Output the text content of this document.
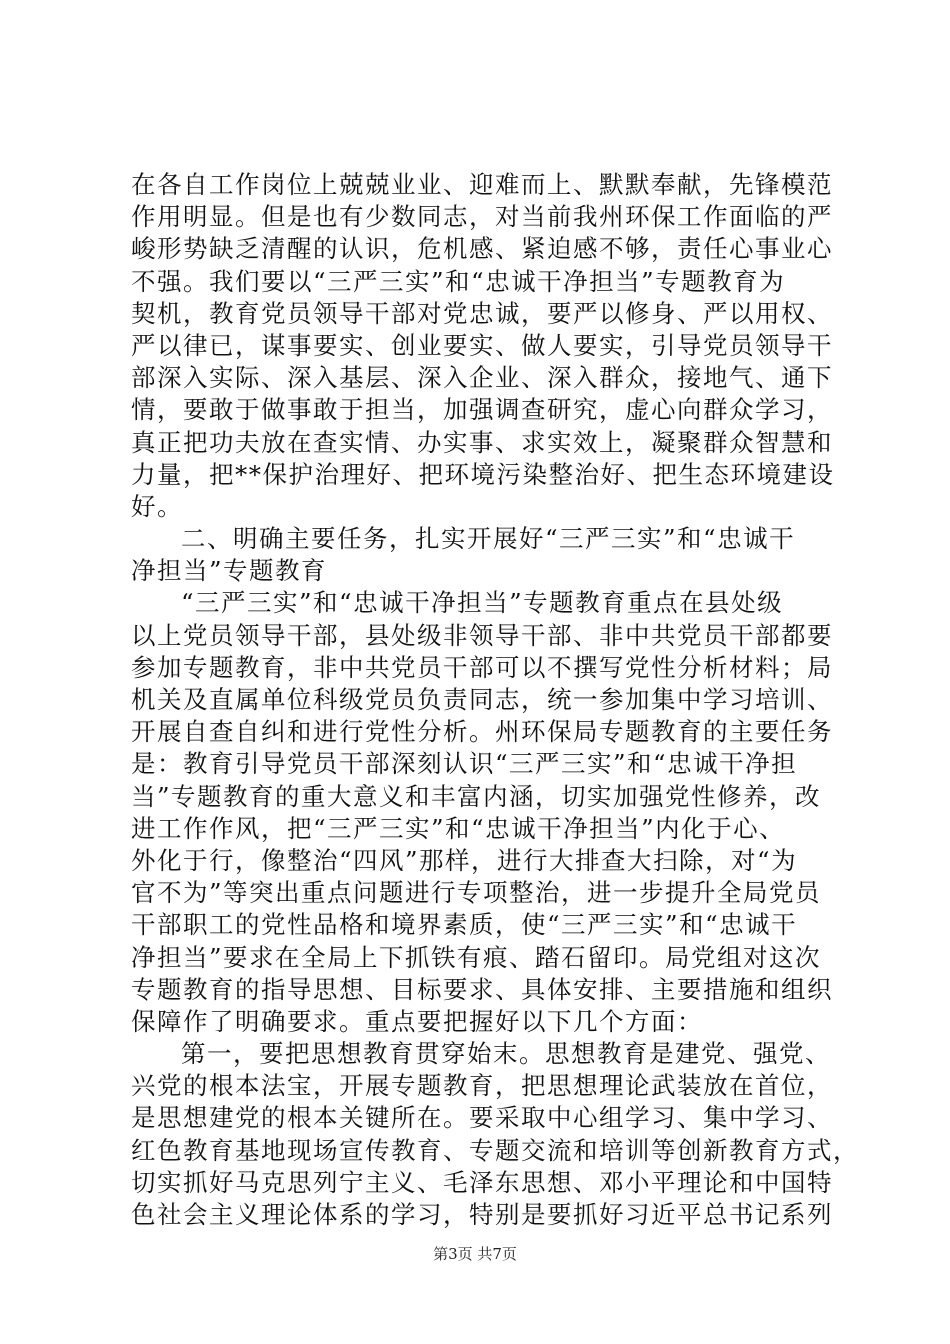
在各自工作岗位上兢兢业业、迎难而上、默默奉献，先锋模范
作用明显。但是也有少数同志，对当前我州环保工作面临的严
峻形势缺乏清醒的认识，危机感、紧迫感不够，责任心事业心
不强。我们要以“三严三实”和“忠诚干净担当”专题教育为
契机，教育党员领导干部对党忠诚，要严以修身、严以用权、
严以律已，谋事要实、创业要实、做人要实，引导党员领导干
部深入实际、深入基层、深入企业、深入群众，接地气、通下
情，要敢于做事敢于担当，加强调查研究，虚心向群众学习，
真正把功夫放在查实情、办实事、求实效上，凝聚群众智慧和
力量，把**保护治理好、把环境污染整治好、把生态环境建设
好。
二、明确主要任务，扎实开展好“三严三实”和“忠诚干
净担当”专题教育
“三严三实”和“忠诚干净担当”专题教育重点在县处级
以上党员领导干部，县处级非领导干部、非中共党员干部都要
参加专题教育，非中共党员干部可以不撰写党性分析材料；局
机关及直属单位科级党员负责同志，统一参加集中学习培训、
开展自查自纠和进行党性分析。州环保局专题教育的主要任务
是：教育引导党员干部深刻认识“三严三实”和“忠诚干净担
当”专题教育的重大意义和丰富内涵，切实加强党性修养，改
进工作作风，把“三严三实”和“忠诚干净担当”内化于心、
外化于行，像整治“四风”那样，进行大排查大扫除，对“为
官不为”等突出重点问题进行专项整治，进一步提升全局党员
干部职工的党性品格和境界素质，使“三严三实”和“忠诚干
净担当”要求在全局上下抓铁有痕、踏石留印。局党组对这次
专题教育的指导思想、目标要求、具体安排、主要措施和组织
保障作了明确要求。重点要把握好以下几个方面：
第一，要把思想教育贯穿始末。思想教育是建党、强党、
兴党的根本法宝，开展专题教育，把思想理论武装放在首位，
是思想建党的根本关键所在。要采取中心组学习、集中学习、
红色教育基地现场宣传教育、专题交流和培训等创新教育方式，
切实抓好马克思列宁主义、毛泽东思想、邓小平理论和中国特
色社会主义理论体系的学习，特别是要抓好习近平总书记系列
第3页 共7页
